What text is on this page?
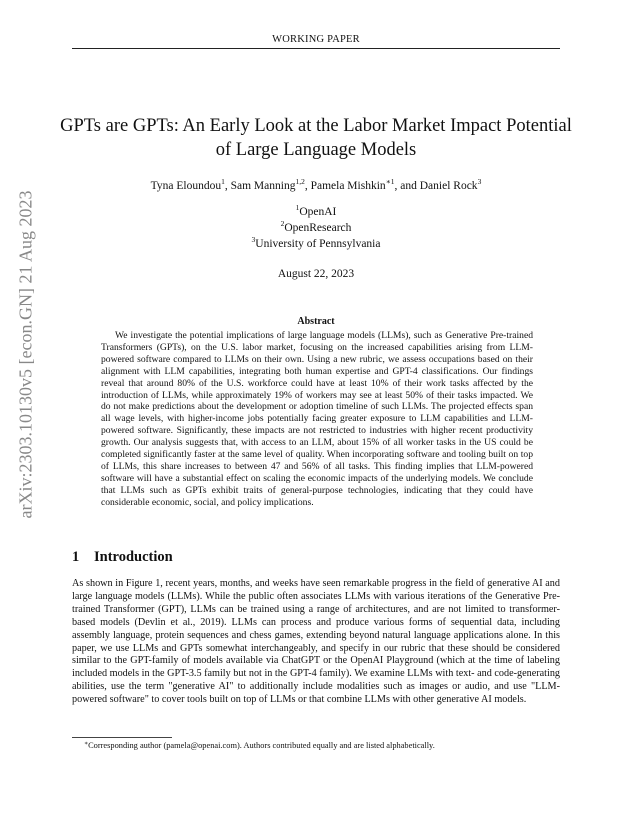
WORKING PAPER
arXiv:2303.10130v5 [econ.GN] 21 Aug 2023
GPTs are GPTs: An Early Look at the Labor Market Impact Potential of Large Language Models
Tyna Eloundou$^1$, Sam Manning$^{1,2}$, Pamela Mishkin$^{∗1}$, and Daniel Rock$^3$
$^1$OpenAI
$^2$OpenResearch
$^3$University of Pennsylvania
August 22, 2023
Abstract

We investigate the potential implications of large language models (LLMs), such as Generative Pre-trained Transformers (GPTs), on the U.S. labor market, focusing on the increased capabilities arising from LLM-powered software compared to LLMs on their own. Using a new rubric, we assess occupations based on their alignment with LLM capabilities, integrating both human expertise and GPT-4 classifications. Our findings reveal that around 80% of the U.S. workforce could have at least 10% of their work tasks affected by the introduction of LLMs, while approximately 19% of workers may see at least 50% of their tasks impacted. We do not make predictions about the development or adoption timeline of such LLMs. The projected effects span all wage levels, with higher-income jobs potentially facing greater exposure to LLM capabilities and LLM-powered software. Significantly, these impacts are not restricted to industries with higher recent productivity growth. Our analysis suggests that, with access to an LLM, about 15% of all worker tasks in the US could be completed significantly faster at the same level of quality. When incorporating software and tooling built on top of LLMs, this share increases to between 47 and 56% of all tasks. This finding implies that LLM-powered software will have a substantial effect on scaling the economic impacts of the underlying models. We conclude that LLMs such as GPTs exhibit traits of general-purpose technologies, indicating that they could have considerable economic, social, and policy implications.

1 Introduction

As shown in Figure 1, recent years, months, and weeks have seen remarkable progress in the field of generative AI and large language models (LLMs). While the public often associates LLMs with various iterations of the Generative Pre-trained Transformer (GPT), LLMs can be trained using a range of architectures, and are not limited to transformer-based models (Devlin et al., 2019). LLMs can process and produce various forms of sequential data, including assembly language, protein sequences and chess games, extending beyond natural language applications alone. In this paper, we use LLMs and GPTs somewhat interchangeably, and specify in our rubric that these should be considered similar to the GPT-family of models available via ChatGPT or the OpenAI Playground (which at the time of labeling included models in the GPT-3.5 family but not in the GPT-4 family). We examine LLMs with text- and code-generating abilities, use the term "generative AI" to additionally include modalities such as images or audio, and use "LLM-powered software" to cover tools built on top of LLMs or that combine LLMs with other generative AI models.

∗Corresponding author (pamela@openai.com). Authors contributed equally and are listed alphabetically.
